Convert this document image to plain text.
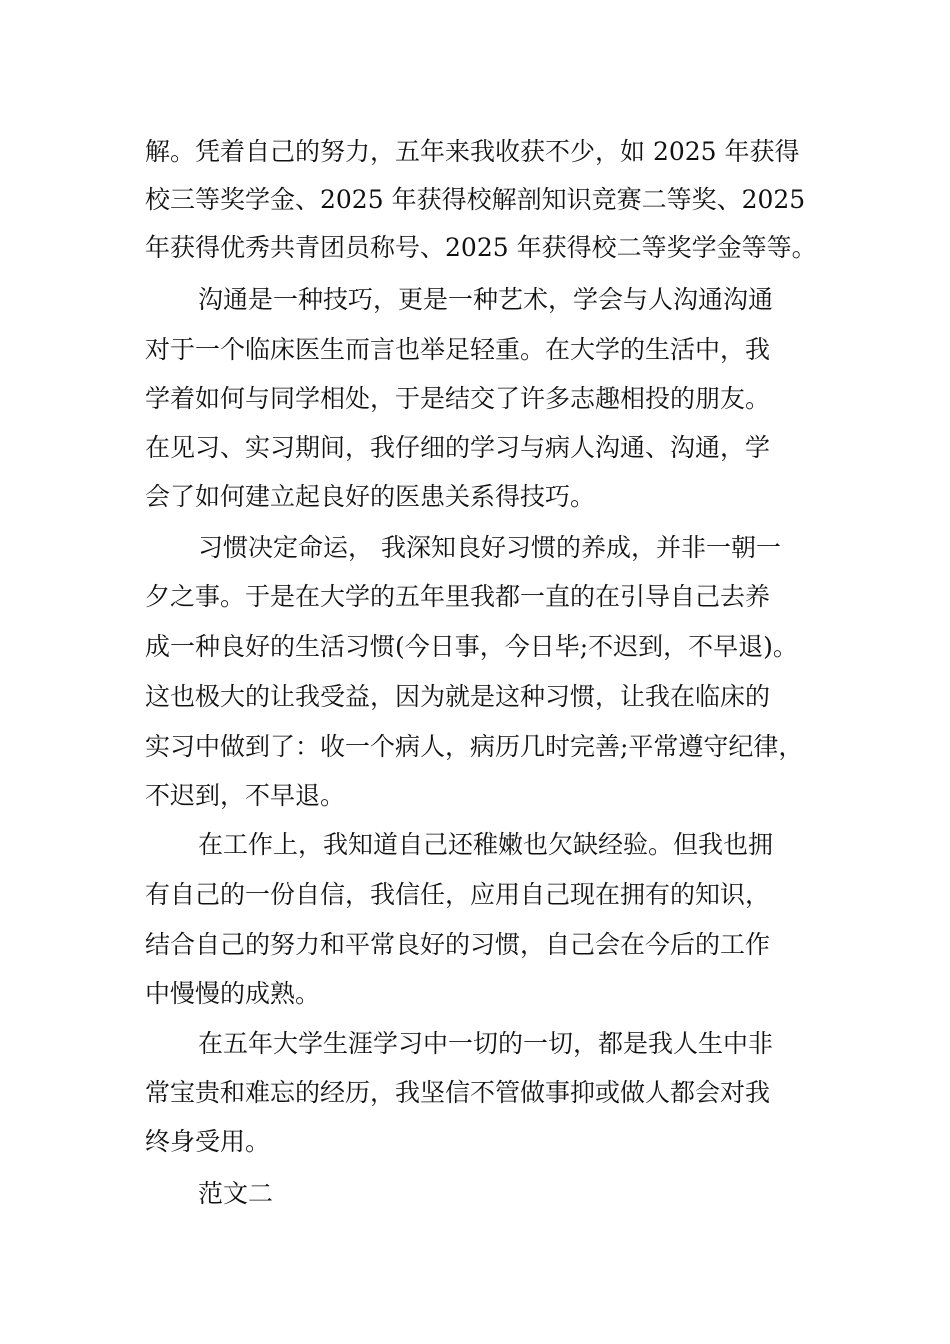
解。凭着自己的努力，五年来我收获不少，如 2025 年获得
校三等奖学金、2025 年获得校解剖知识竞赛二等奖、2025
年获得优秀共青团员称号、2025 年获得校二等奖学金等等。
沟通是一种技巧，更是一种艺术，学会与人沟通沟通
对于一个临床医生而言也举足轻重。在大学的生活中，我
学着如何与同学相处，于是结交了许多志趣相投的朋友。
在见习、实习期间，我仔细的学习与病人沟通、沟通，学
会了如何建立起良好的医患关系得技巧。
习惯决定命运， 我深知良好习惯的养成，并非一朝一
夕之事。于是在大学的五年里我都一直的在引导自己去养
成一种良好的生活习惯(今日事，今日毕;不迟到，不早退)。
这也极大的让我受益，因为就是这种习惯，让我在临床的
实习中做到了：收一个病人，病历几时完善;平常遵守纪律，
不迟到，不早退。
在工作上，我知道自己还稚嫩也欠缺经验。但我也拥
有自己的一份自信，我信任，应用自己现在拥有的知识，
结合自己的努力和平常良好的习惯，自己会在今后的工作
中慢慢的成熟。
在五年大学生涯学习中一切的一切，都是我人生中非
常宝贵和难忘的经历，我坚信不管做事抑或做人都会对我
终身受用。
范文二
